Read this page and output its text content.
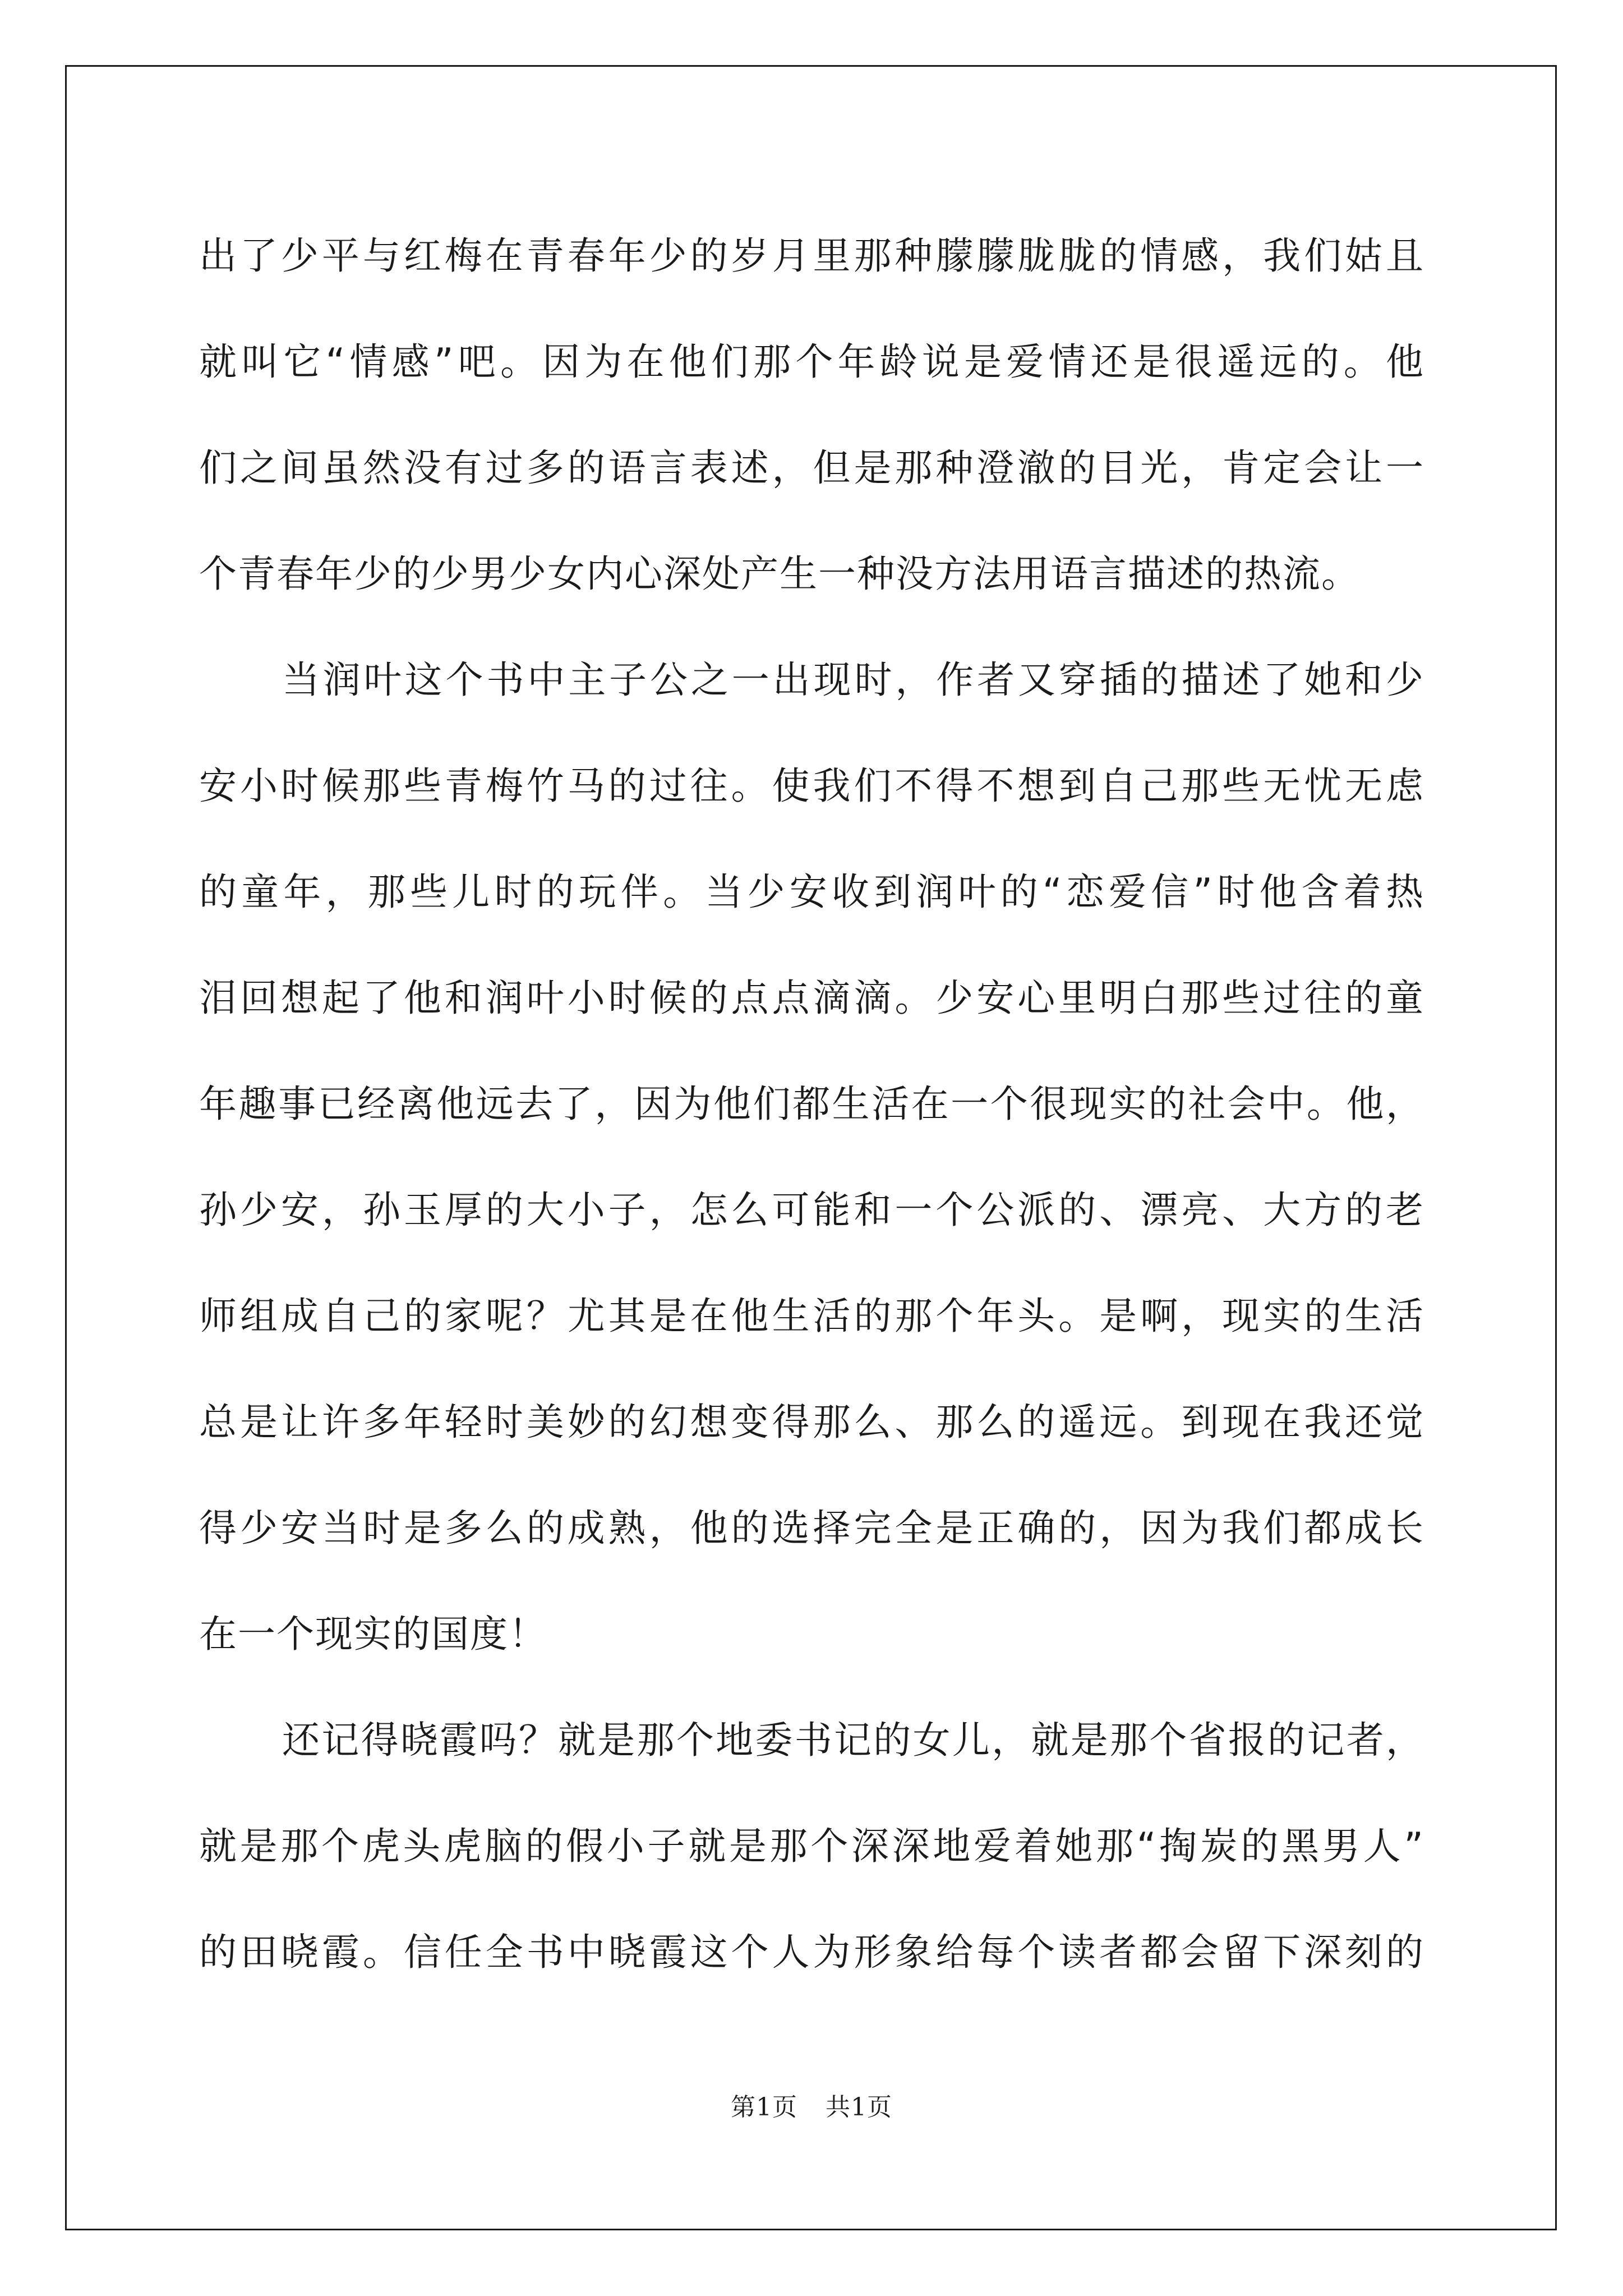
出了少平与红梅在青春年少的岁月里那种朦朦胧胧的情感，我们姑且
就叫它“情感”吧。因为在他们那个年龄说是爱情还是很遥远的。他
们之间虽然没有过多的语言表述，但是那种澄澈的目光，肯定会让一
个青春年少的少男少女内心深处产生一种没方法用语言描述的热流。
当润叶这个书中主子公之一出现时，作者又穿插的描述了她和少
安小时候那些青梅竹马的过往。使我们不得不想到自己那些无忧无虑
的童年，那些儿时的玩伴。当少安收到润叶的“恋爱信”时他含着热
泪回想起了他和润叶小时候的点点滴滴。少安心里明白那些过往的童
年趣事已经离他远去了，因为他们都生活在一个很现实的社会中。他，
孙少安，孙玉厚的大小子，怎么可能和一个公派的、漂亮、大方的老
师组成自己的家呢？尤其是在他生活的那个年头。是啊，现实的生活
总是让许多年轻时美妙的幻想变得那么、那么的遥远。到现在我还觉
得少安当时是多么的成熟，他的选择完全是正确的，因为我们都成长
在一个现实的国度！
还记得晓霞吗？就是那个地委书记的女儿，就是那个省报的记者，
就是那个虎头虎脑的假小子就是那个深深地爱着她那“掏炭的黑男人”
的田晓霞。信任全书中晓霞这个人为形象给每个读者都会留下深刻的
第1页 共1页
